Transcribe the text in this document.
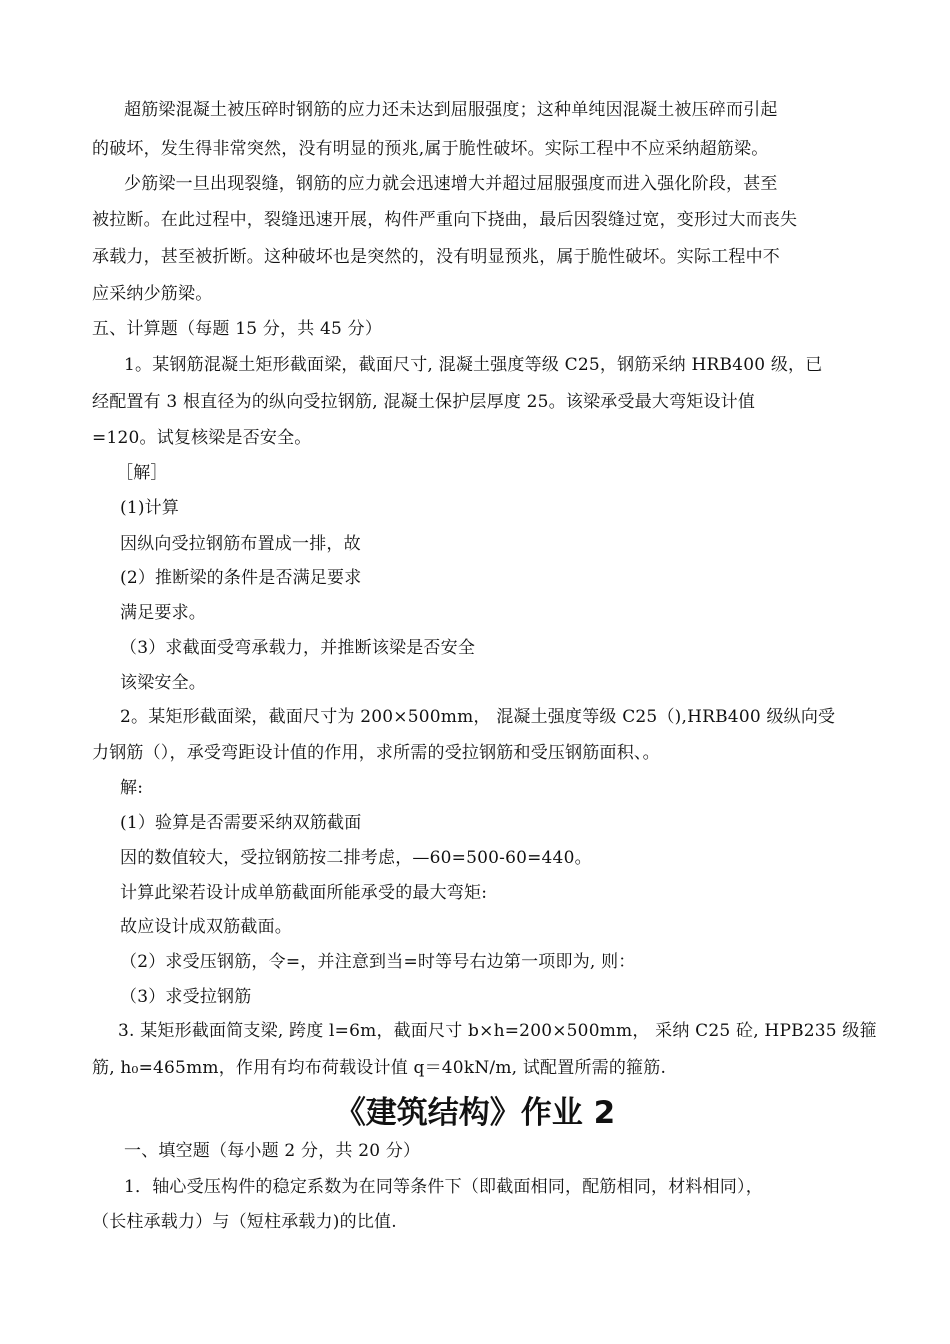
超筋梁混凝土被压碎时钢筋的应力还未达到屈服强度；这种单纯因混凝土被压碎而引起
的破坏，发生得非常突然，没有明显的预兆,属于脆性破坏。实际工程中不应采纳超筋梁。
少筋梁一旦出现裂缝，钢筋的应力就会迅速增大并超过屈服强度而进入强化阶段，甚至
被拉断。在此过程中，裂缝迅速开展，构件严重向下挠曲，最后因裂缝过宽，变形过大而丧失
承载力，甚至被折断。这种破坏也是突然的，没有明显预兆，属于脆性破坏。实际工程中不
应采纳少筋梁。
五、计算题（每题 15 分，共 45 分）
1。某钢筋混凝土矩形截面梁，截面尺寸, 混凝土强度等级 C25，钢筋采纳 HRB400 级，已
经配置有 3 根直径为的纵向受拉钢筋, 混凝土保护层厚度 25。该梁承受最大弯矩设计值
=120。试复核梁是否安全。
［解］
(1)计算
因纵向受拉钢筋布置成一排，故
(2）推断梁的条件是否满足要求
满足要求。
（3）求截面受弯承载力，并推断该梁是否安全
该梁安全。
2。某矩形截面梁，截面尺寸为 200×500mm， 混凝土强度等级 C25（),HRB400 级纵向受
力钢筋（），承受弯距设计值的作用，求所需的受拉钢筋和受压钢筋面积、。
解:
(1）验算是否需要采纳双筋截面
因的数值较大，受拉钢筋按二排考虑，—60=500-60=440。
计算此梁若设计成单筋截面所能承受的最大弯矩:
故应设计成双筋截面。
（2）求受压钢筋，令=，并注意到当=时等号右边第一项即为, 则：
（3）求受拉钢筋
3. 某矩形截面简支梁, 跨度 l=6m，截面尺寸 b×h=200×500mm， 采纳 C25 砼, HPB235 级箍
筋, h₀=465mm，作用有均布荷载设计值 q＝40kN/m, 试配置所需的箍筋.
《建筑结构》作业 2
一、填空题（每小题 2 分，共 20 分）
1．轴心受压构件的稳定系数为在同等条件下（即截面相同，配筋相同，材料相同），
（长柱承载力）与（短柱承载力)的比值.
